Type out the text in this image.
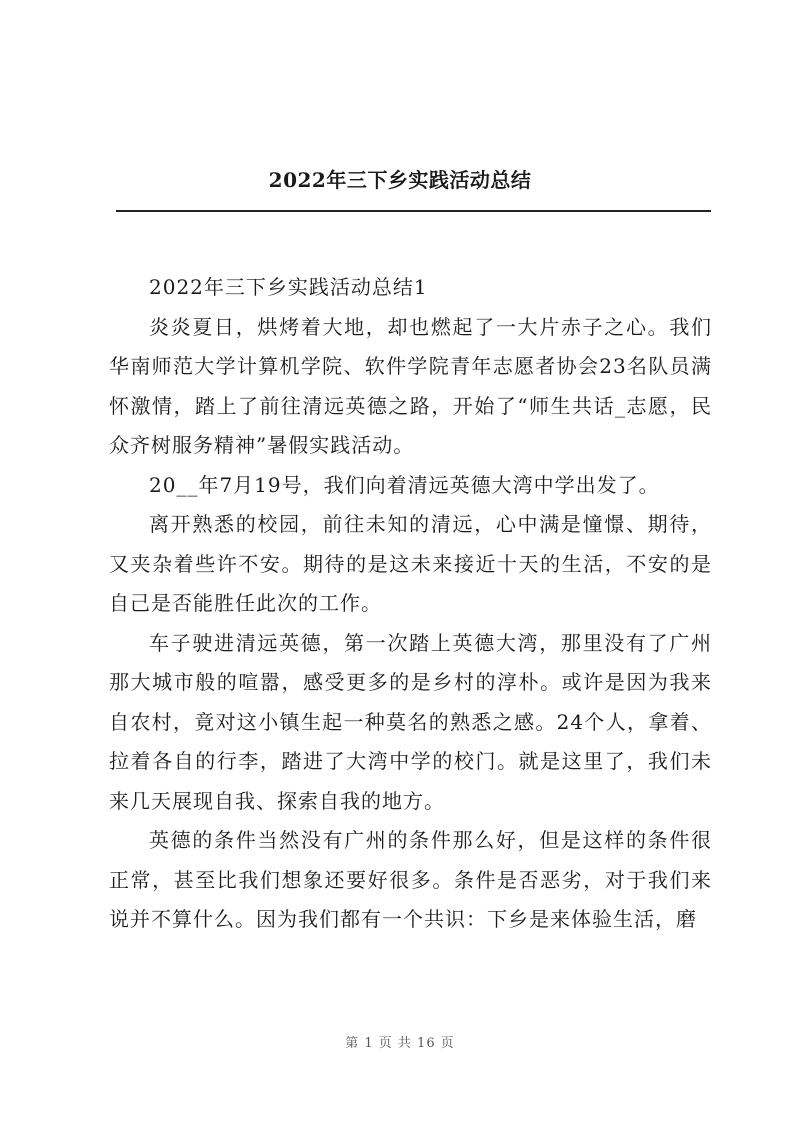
2022年三下乡实践活动总结

2022年三下乡实践活动总结1

炎炎夏日，烘烤着大地，却也燃起了一大片赤子之心。我们华南师范大学计算机学院、软件学院青年志愿者协会23名队员满怀激情，踏上了前往清远英德之路，开始了“师生共话_志愿，民众齐树服务精神”暑假实践活动。

20__年7月19号，我们向着清远英德大湾中学出发了。

离开熟悉的校园，前往未知的清远，心中满是憧憬、期待，又夹杂着些许不安。期待的是这未来接近十天的生活，不安的是自己是否能胜任此次的工作。

车子驶进清远英德，第一次踏上英德大湾，那里没有了广州那大城市般的喧嚣，感受更多的是乡村的淳朴。或许是因为我来自农村，竟对这小镇生起一种莫名的熟悉之感。24个人，拿着、拉着各自的行李，踏进了大湾中学的校门。就是这里了，我们未来几天展现自我、探索自我的地方。

英德的条件当然没有广州的条件那么好，但是这样的条件很正常，甚至比我们想象还要好很多。条件是否恶劣，对于我们来说并不算什么。因为我们都有一个共识：下乡是来体验生活，磨

第 1 页 共 16 页
